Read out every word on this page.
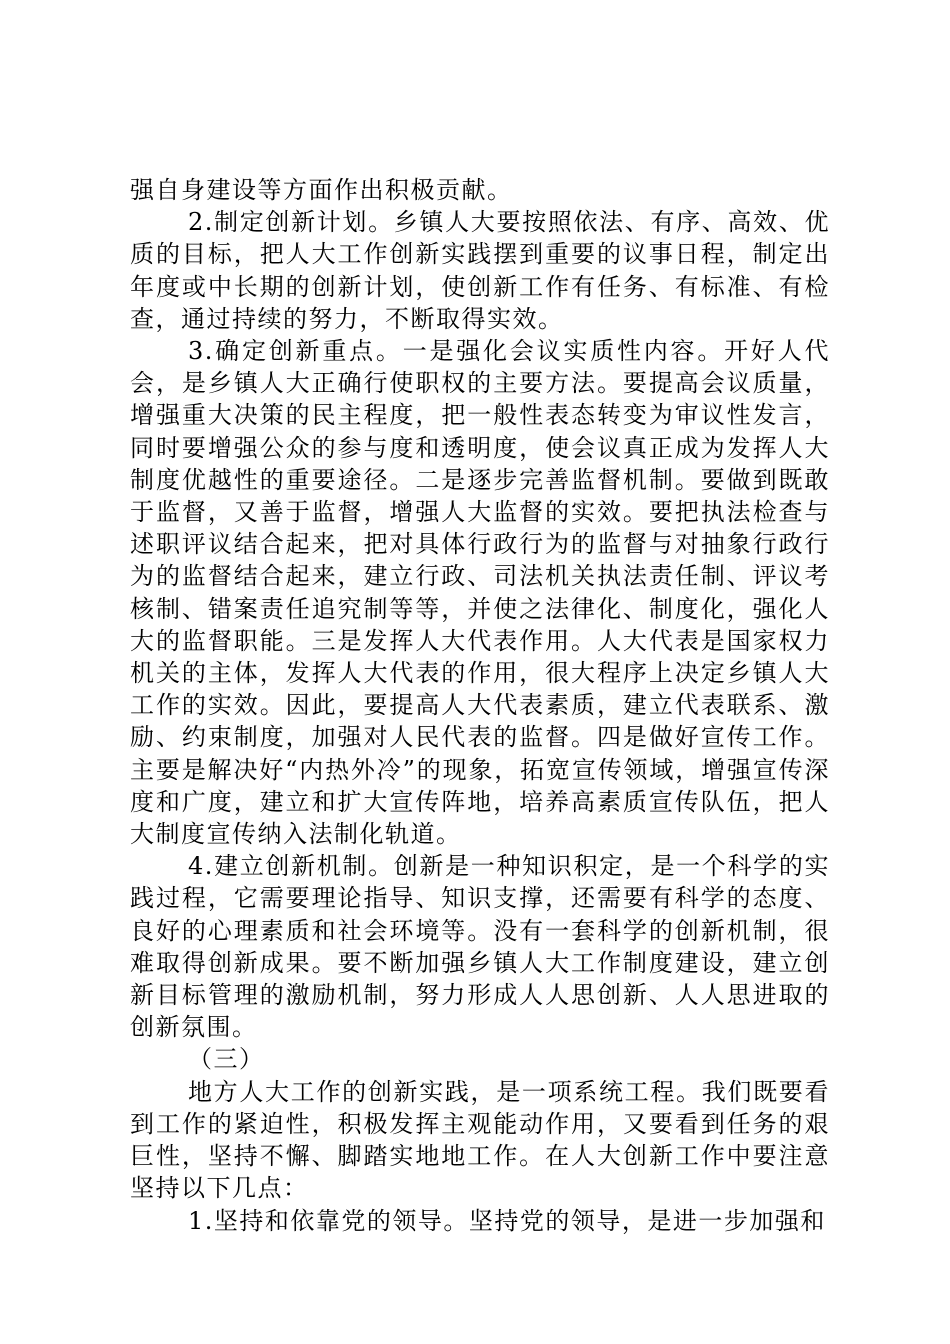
强自身建设等方面作出积极贡献。

2.制定创新计划。乡镇人大要按照依法、有序、高效、优质的目标，把人大工作创新实践摆到重要的议事日程，制定出年度或中长期的创新计划，使创新工作有任务、有标准、有检查，通过持续的努力，不断取得实效。

3.确定创新重点。一是强化会议实质性内容。开好人代会，是乡镇人大正确行使职权的主要方法。要提高会议质量，增强重大决策的民主程度，把一般性表态转变为审议性发言，同时要增强公众的参与度和透明度，使会议真正成为发挥人大制度优越性的重要途径。二是逐步完善监督机制。要做到既敢于监督，又善于监督，增强人大监督的实效。要把执法检查与述职评议结合起来，把对具体行政行为的监督与对抽象行政行为的监督结合起来，建立行政、司法机关执法责任制、评议考核制、错案责任追究制等等，并使之法律化、制度化，强化人大的监督职能。三是发挥人大代表作用。人大代表是国家权力机关的主体，发挥人大代表的作用，很大程序上决定乡镇人大工作的实效。因此，要提高人大代表素质，建立代表联系、激励、约束制度，加强对人民代表的监督。四是做好宣传工作。主要是解决好“内热外冷”的现象，拓宽宣传领域，增强宣传深度和广度，建立和扩大宣传阵地，培养高素质宣传队伍，把人大制度宣传纳入法制化轨道。

4.建立创新机制。创新是一种知识积定，是一个科学的实践过程，它需要理论指导、知识支撑，还需要有科学的态度、良好的心理素质和社会环境等。没有一套科学的创新机制，很难取得创新成果。要不断加强乡镇人大工作制度建设，建立创新目标管理的激励机制，努力形成人人思创新、人人思进取的创新氛围。

（三）

地方人大工作的创新实践，是一项系统工程。我们既要看到工作的紧迫性，积极发挥主观能动作用，又要看到任务的艰巨性，坚持不懈、脚踏实地地工作。在人大创新工作中要注意坚持以下几点：

1.坚持和依靠党的领导。坚持党的领导，是进一步加强和
